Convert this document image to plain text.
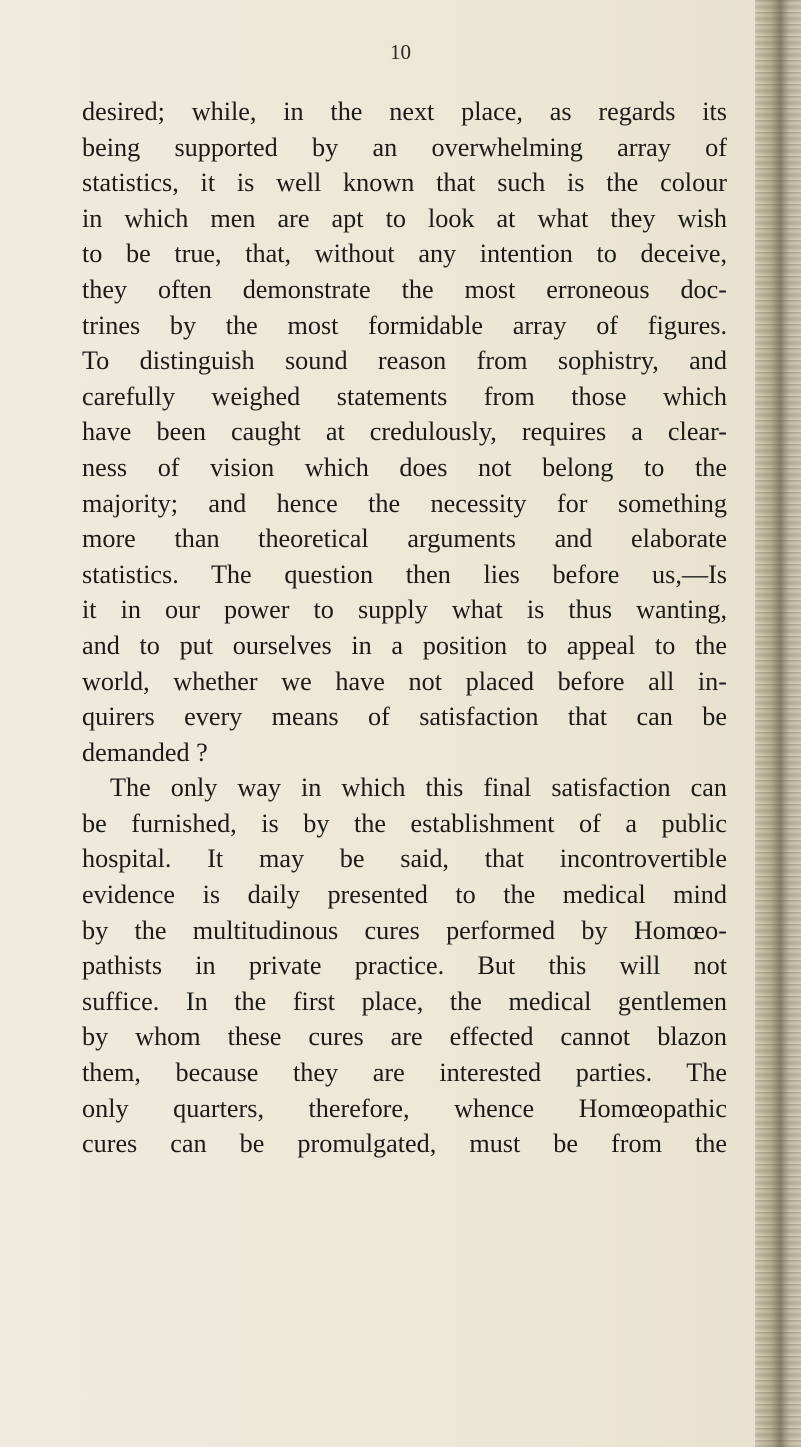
10
desired; while, in the next place, as regards its
being supported by an overwhelming array of
statistics, it is well known that such is the colour
in which men are apt to look at what they wish
to be true, that, without any intention to deceive,
they often demonstrate the most erroneous doc-
trines by the most formidable array of figures.
To distinguish sound reason from sophistry, and
carefully weighed statements from those which
have been caught at credulously, requires a clear-
ness of vision which does not belong to the
majority; and hence the necessity for something
more than theoretical arguments and elaborate
statistics. The question then lies before us,—Is
it in our power to supply what is thus wanting,
and to put ourselves in a position to appeal to the
world, whether we have not placed before all in-
quirers every means of satisfaction that can be
demanded ?
The only way in which this final satisfaction can
be furnished, is by the establishment of a public
hospital. It may be said, that incontrovertible
evidence is daily presented to the medical mind
by the multitudinous cures performed by Homœo-
pathists in private practice. But this will not
suffice. In the first place, the medical gentlemen
by whom these cures are effected cannot blazon
them, because they are interested parties. The
only quarters, therefore, whence Homœopathic
cures can be promulgated, must be from the
